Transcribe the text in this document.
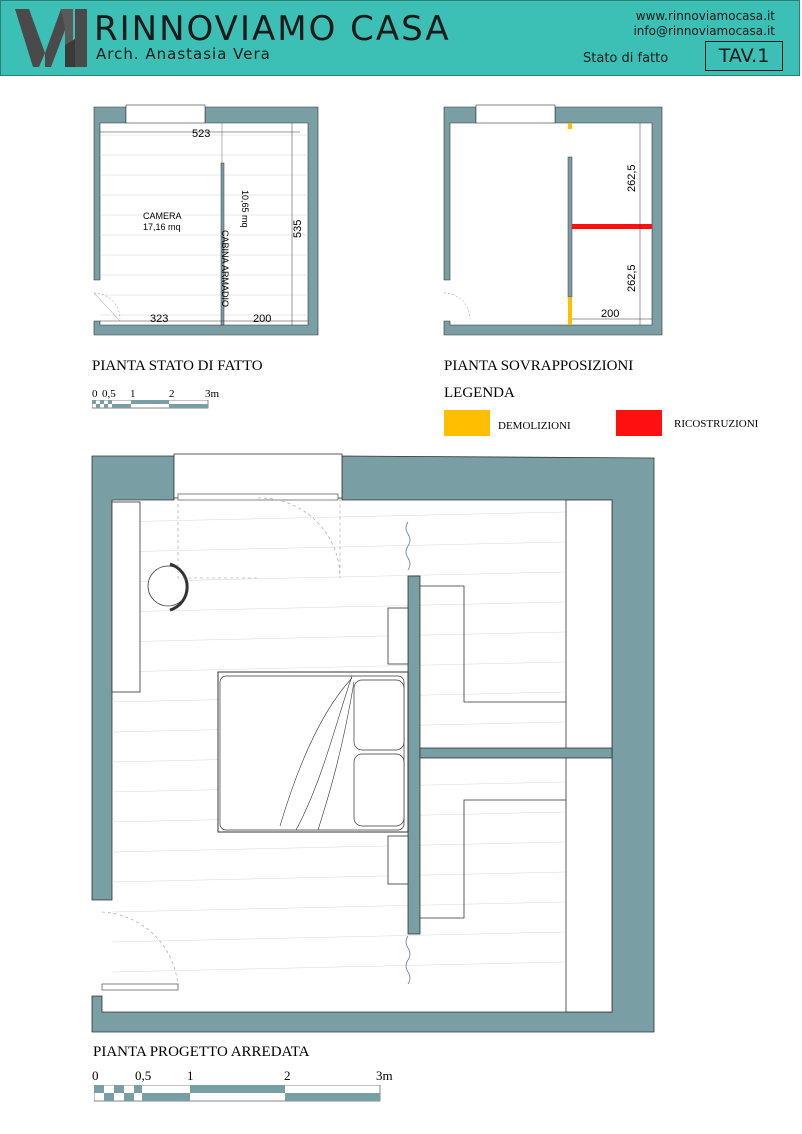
RINNOVIAMO CASA
Arch. Anastasia Vera
www.rinnoviamocasa.it
info@rinnoviamocasa.it
Stato di fatto	TAV.1
523
CAMERA
17,16 mq
CABINA ARMADIO
10,65 mq
535
323	200
PIANTA STATO DI FATTO
262,5
262,5
200
PIANTA SOVRAPPOSIZIONI
LEGENDA
DEMOLIZIONI	RICOSTRUZIONI
0 0,5 1	2	3m
PIANTA PROGETTO ARREDATA
0	0,5	1	2	3m
